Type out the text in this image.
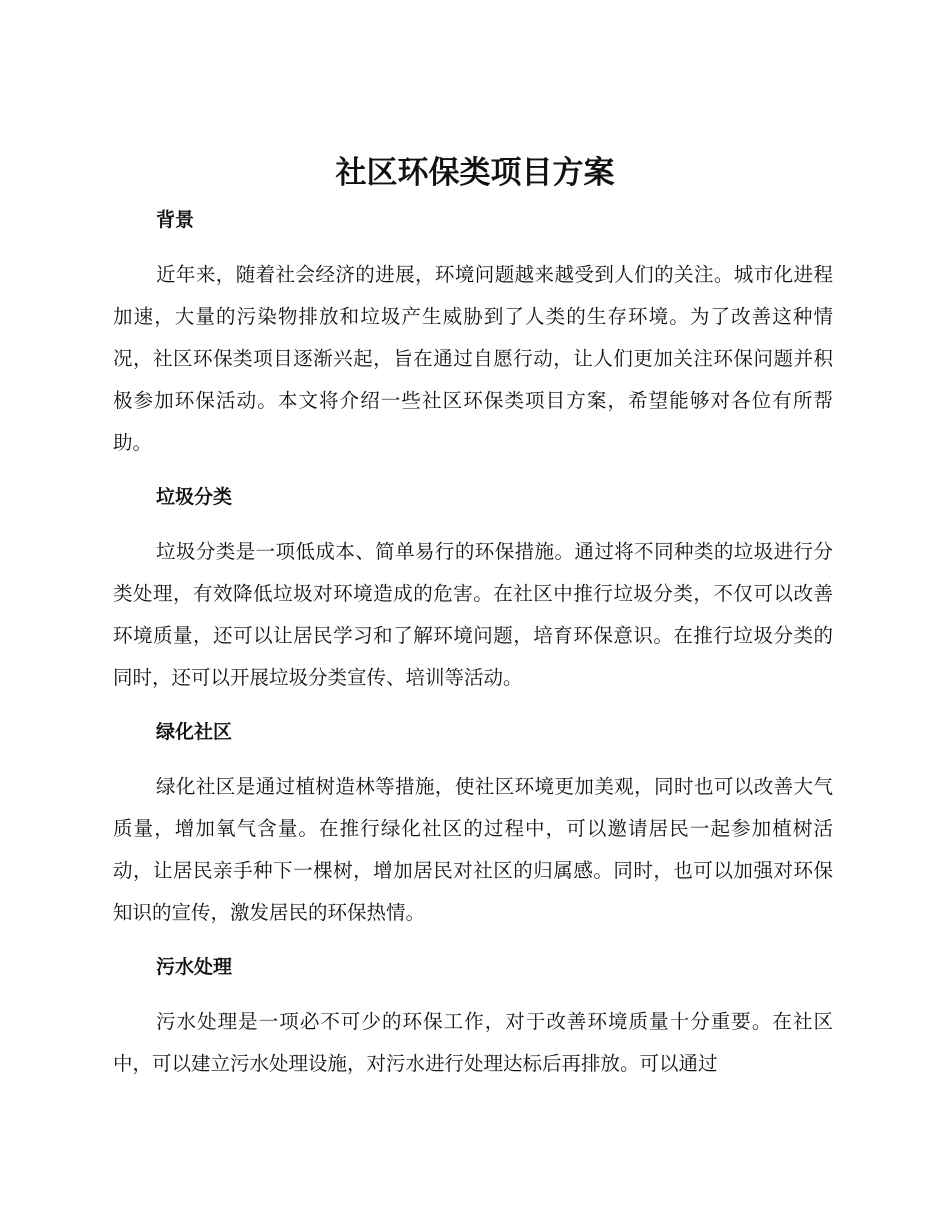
社区环保类项目方案
背景

近年来，随着社会经济的进展，环境问题越来越受到人们的关注。城市化进程加速，大量的污染物排放和垃圾产生威胁到了人类的生存环境。为了改善这种情况，社区环保类项目逐渐兴起，旨在通过自愿行动，让人们更加关注环保问题并积极参加环保活动。本文将介绍一些社区环保类项目方案，希望能够对各位有所帮助。

垃圾分类

垃圾分类是一项低成本、简单易行的环保措施。通过将不同种类的垃圾进行分类处理，有效降低垃圾对环境造成的危害。在社区中推行垃圾分类，不仅可以改善环境质量，还可以让居民学习和了解环境问题，培育环保意识。在推行垃圾分类的同时，还可以开展垃圾分类宣传、培训等活动。

绿化社区

绿化社区是通过植树造林等措施，使社区环境更加美观，同时也可以改善大气质量，增加氧气含量。在推行绿化社区的过程中，可以邀请居民一起参加植树活动，让居民亲手种下一棵树，增加居民对社区的归属感。同时，也可以加强对环保知识的宣传，激发居民的环保热情。

污水处理

污水处理是一项必不可少的环保工作，对于改善环境质量十分重要。在社区中，可以建立污水处理设施，对污水进行处理达标后再排放。可以通过
